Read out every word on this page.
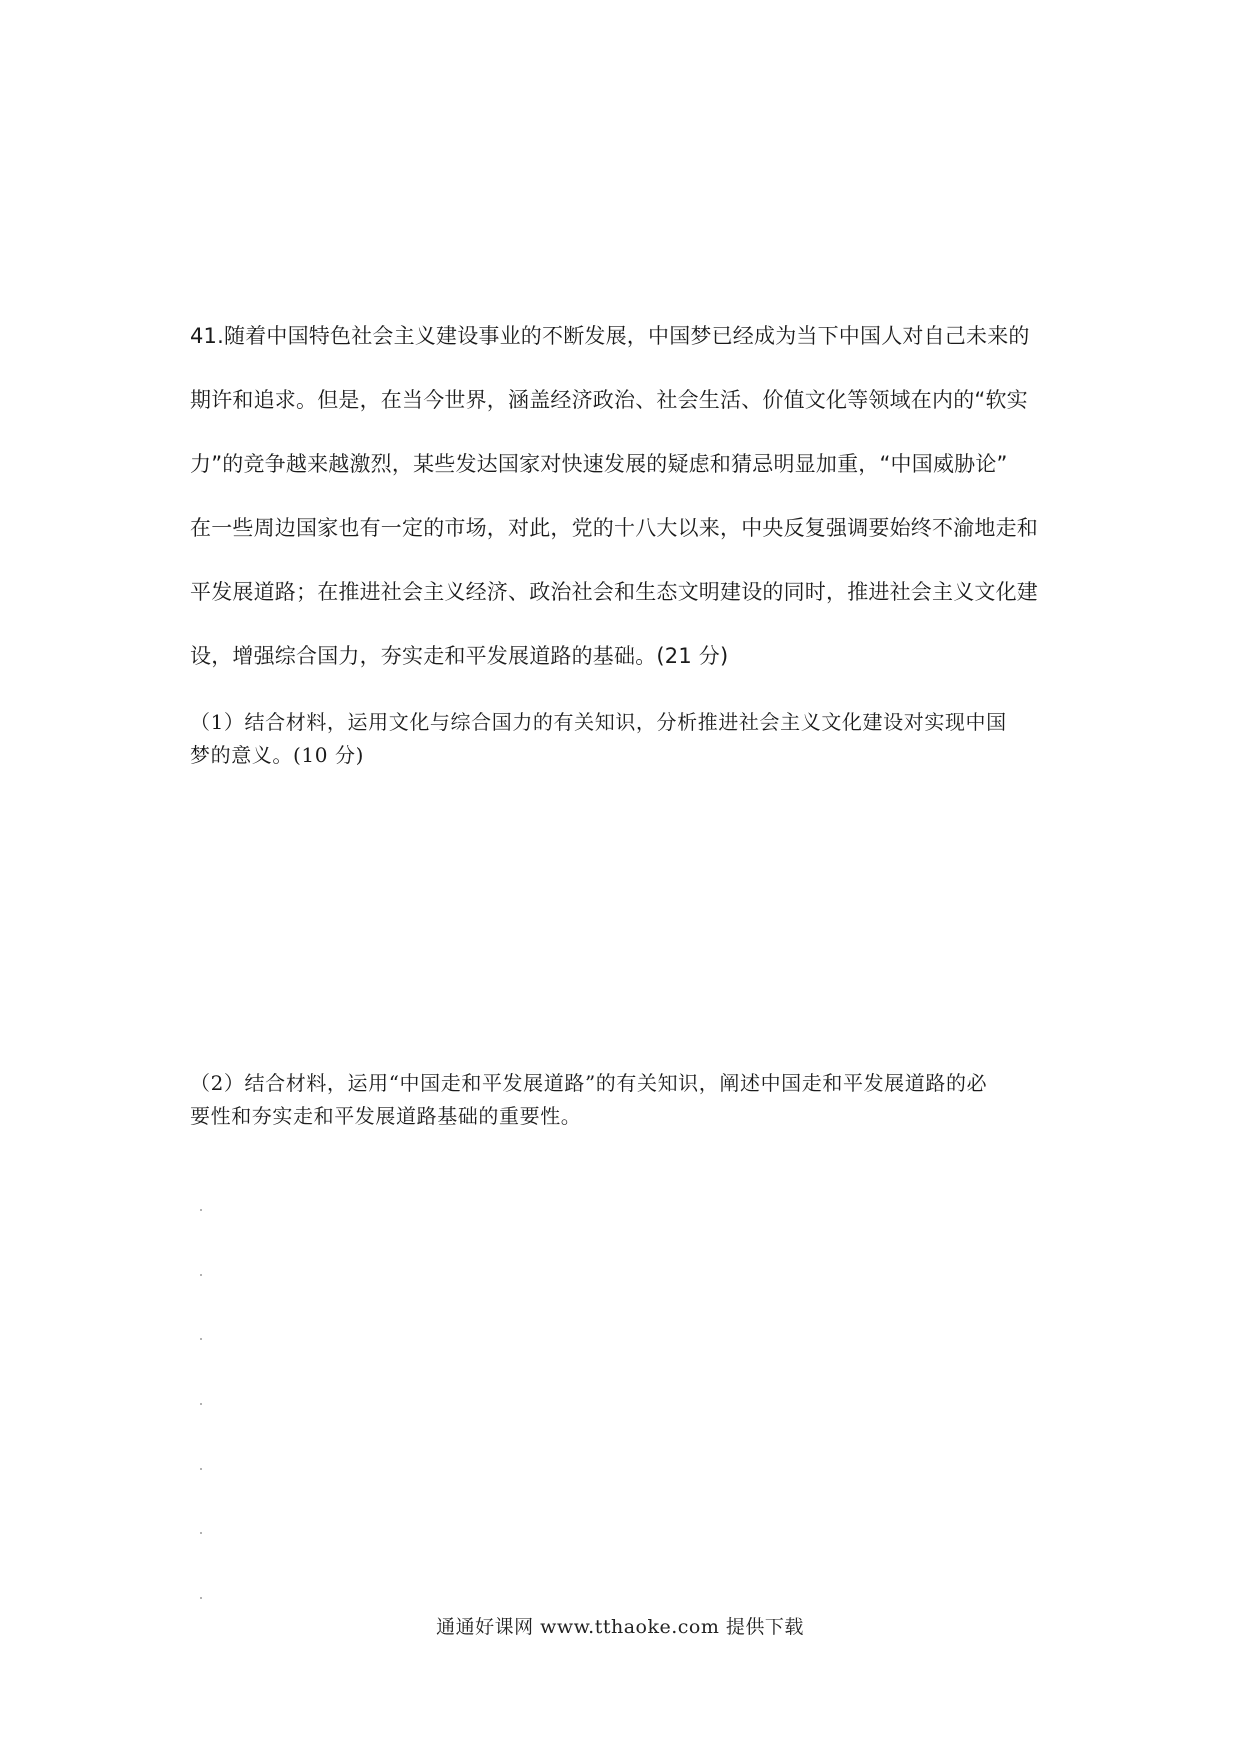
41.随着中国特色社会主义建设事业的不断发展，中国梦已经成为当下中国人对自己未来的
期许和追求。但是，在当今世界，涵盖经济政治、社会生活、价值文化等领域在内的“软实
力”的竞争越来越激烈，某些发达国家对快速发展的疑虑和猜忌明显加重，“中国威胁论”
在一些周边国家也有一定的市场，对此，党的十八大以来，中央反复强调要始终不渝地走和
平发展道路；在推进社会主义经济、政治社会和生态文明建设的同时，推进社会主义文化建
设，增强综合国力，夯实走和平发展道路的基础。(21 分)
（1）结合材料，运用文化与综合国力的有关知识，分析推进社会主义文化建设对实现中国
梦的意义。(10 分)
（2）结合材料，运用“中国走和平发展道路”的有关知识，阐述中国走和平发展道路的必
要性和夯实走和平发展道路基础的重要性。
通通好课网 www.tthaoke.com 提供下载
